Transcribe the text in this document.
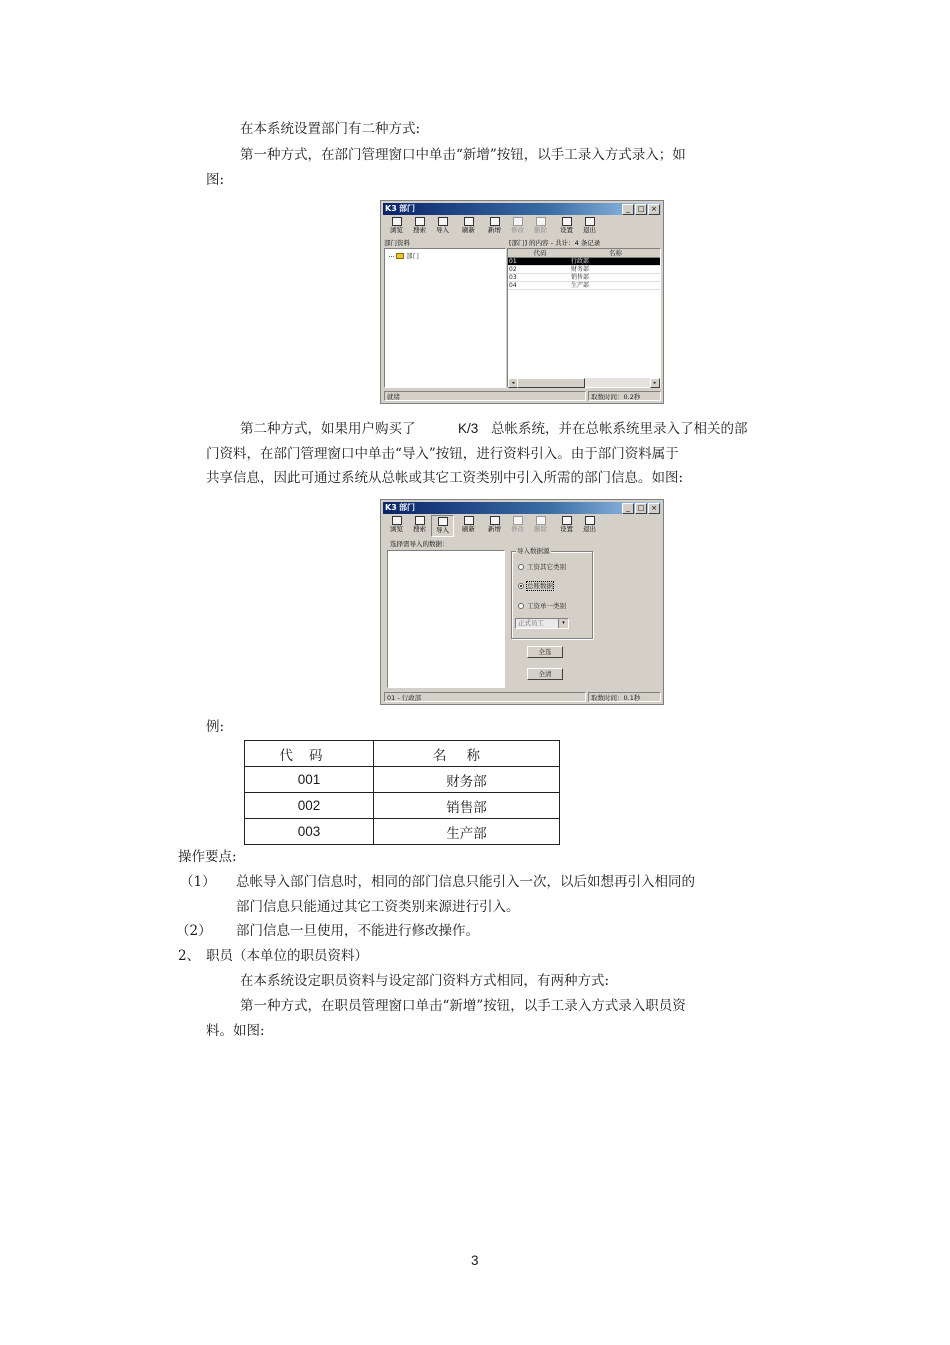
在本系统设置部门有二种方式:
第一种方式，在部门管理窗口中单击“新增”按钮，以手工录入方式录入；如
图:
K3 部门	_	□ ×
浏览	搜索	导入	刷新	新增	修改	删除	设置	退出
部门资料
部门
[部门] 的内容 - 共计：4 条记录
代码	名称
01	行政部
02	财务部
03	销售部
04	生产部
◂	▸
就绪	取数时间：0.2秒
第二种方式，如果用户购买了	K/3 总帐系统，并在总帐系统里录入了相关的部
门资料，在部门管理窗口中单击“导入”按钮，进行资料引入。由于部门资料属于
共享信息，因此可通过系统从总帐或其它工资类别中引入所需的部门信息。如图:
K3 部门	_	□ ×
浏览	搜索	导入	刷新	新增	修改	删除	设置	退出
选择需导入的数据：
导入数据源
工资其它类别
总账数据
工资单一类别
正式员工	▾
全选
全清
01 - 行政部	取数时间：0.1秒
例:
代码	名称
001	财务部
002	销售部
003	生产部
操作要点:
（1） 总帐导入部门信息时，相同的部门信息只能引入一次，以后如想再引入相同的
部门信息只能通过其它工资类别来源进行引入。
（2） 部门信息一旦使用，不能进行修改操作。
2、 职员（本单位的职员资料）
在本系统设定职员资料与设定部门资料方式相同，有两种方式:
第一种方式，在职员管理窗口单击“新增”按钮，以手工录入方式录入职员资
料。如图:
3
